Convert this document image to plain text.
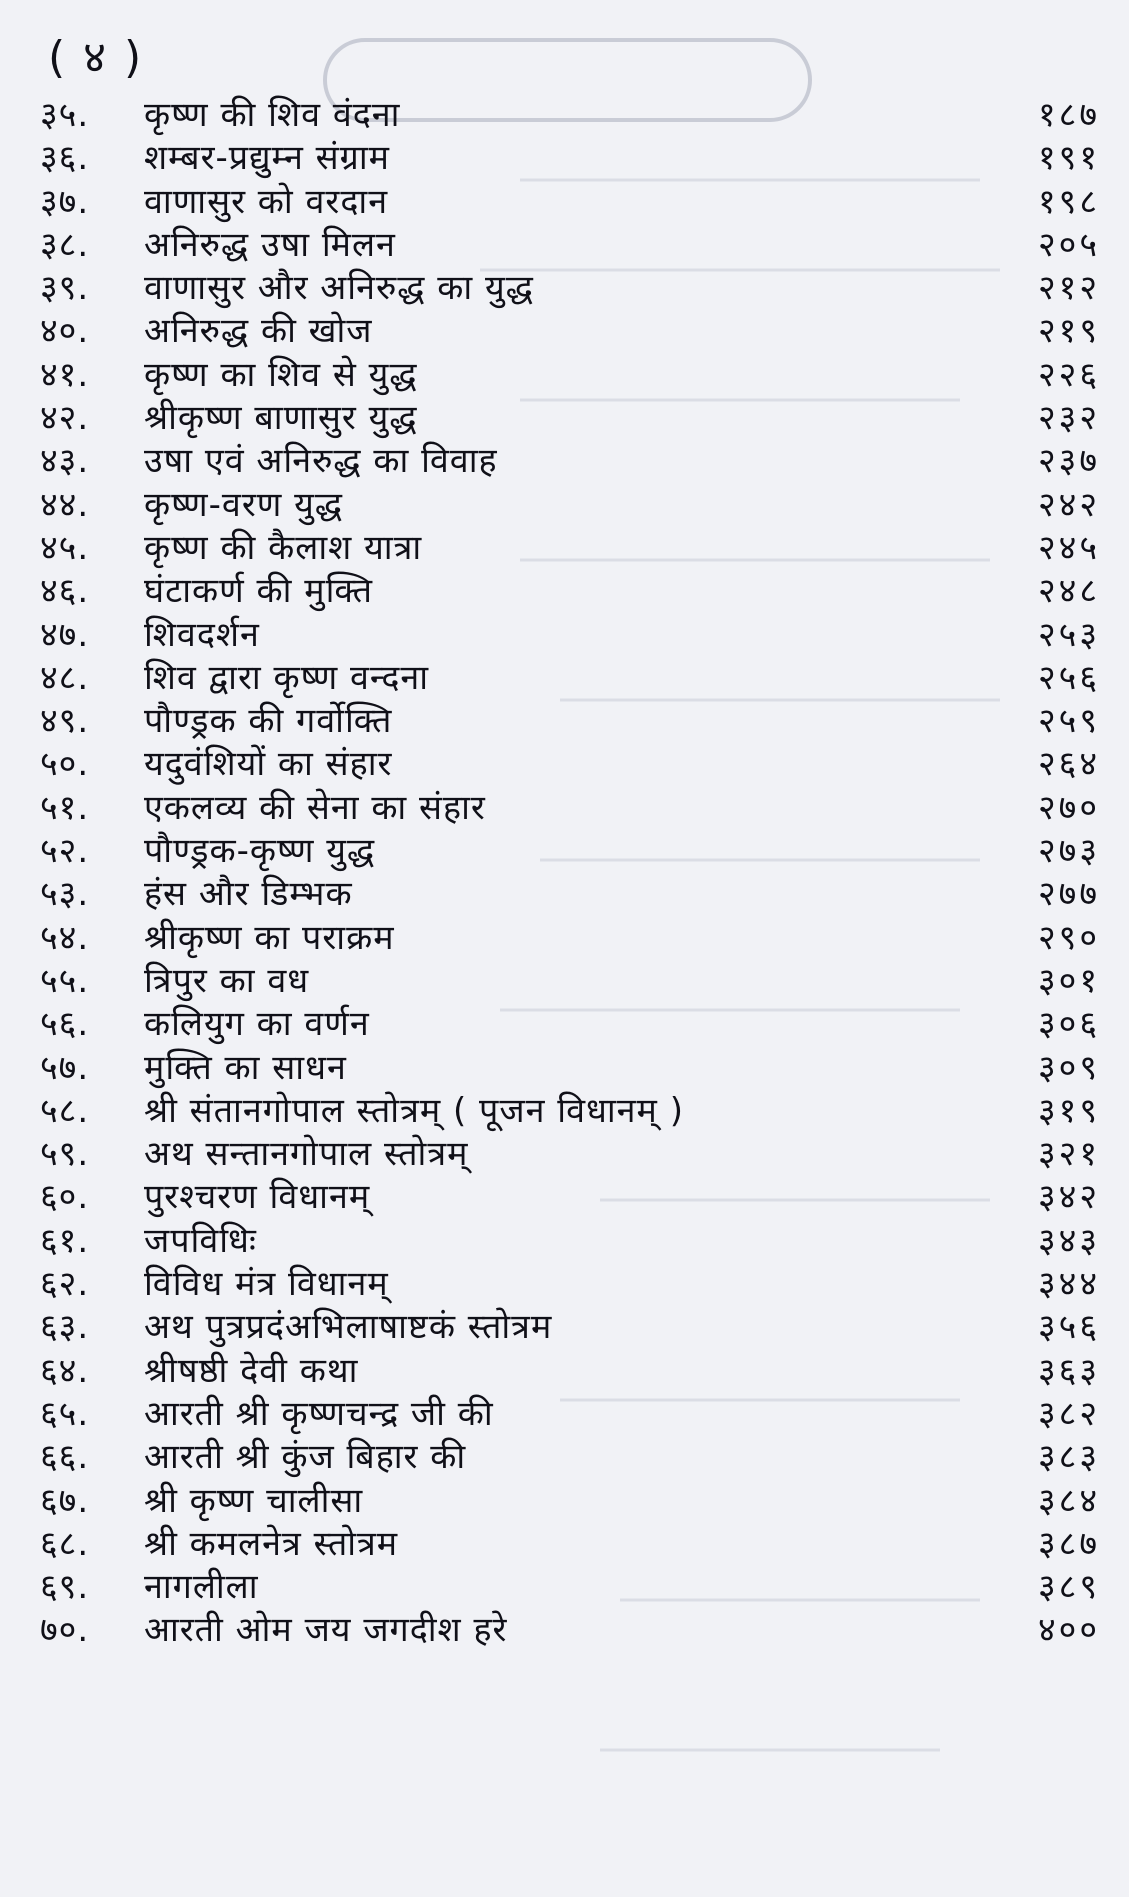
( ४ )
३५.	कृष्ण की शिव वंदना	१८७
३६.	शम्बर-प्रद्युम्न संग्राम	१९१
३७.	वाणासुर को वरदान	१९८
३८.	अनिरुद्ध उषा मिलन	२०५
३९.	वाणासुर और अनिरुद्ध का युद्ध	२१२
४०.	अनिरुद्ध की खोज	२१९
४१.	कृष्ण का शिव से युद्ध	२२६
४२.	श्रीकृष्ण बाणासुर युद्ध	२३२
४३.	उषा एवं अनिरुद्ध का विवाह	२३७
४४.	कृष्ण-वरण युद्ध	२४२
४५.	कृष्ण की कैलाश यात्रा	२४५
४६.	घंटाकर्ण की मुक्ति	२४८
४७.	शिवदर्शन	२५३
४८.	शिव द्वारा कृष्ण वन्दना	२५६
४९.	पौण्ड्रक की गर्वोक्ति	२५९
५०.	यदुवंशियों का संहार	२६४
५१.	एकलव्य की सेना का संहार	२७०
५२.	पौण्ड्रक-कृष्ण युद्ध	२७३
५३.	हंस और डिम्भक	२७७
५४.	श्रीकृष्ण का पराक्रम	२९०
५५.	त्रिपुर का वध	३०१
५६.	कलियुग का वर्णन	३०६
५७.	मुक्ति का साधन	३०९
५८.	श्री संतानगोपाल स्तोत्रम् ( पूजन विधानम् )	३१९
५९.	अथ सन्तानगोपाल स्तोत्रम्	३२१
६०.	पुरश्चरण विधानम्	३४२
६१.	जपविधिः	३४३
६२.	विविध मंत्र विधानम्	३४४
६३.	अथ पुत्रप्रदंअभिलाषाष्टकं स्तोत्रम	३५६
६४.	श्रीषष्ठी देवी कथा	३६३
६५.	आरती श्री कृष्णचन्द्र जी की	३८२
६६.	आरती श्री कुंज बिहार की	३८३
६७.	श्री कृष्ण चालीसा	३८४
६८.	श्री कमलनेत्र स्तोत्रम	३८७
६९.	नागलीला	३८९
७०.	आरती ओम जय जगदीश हरे	४००
